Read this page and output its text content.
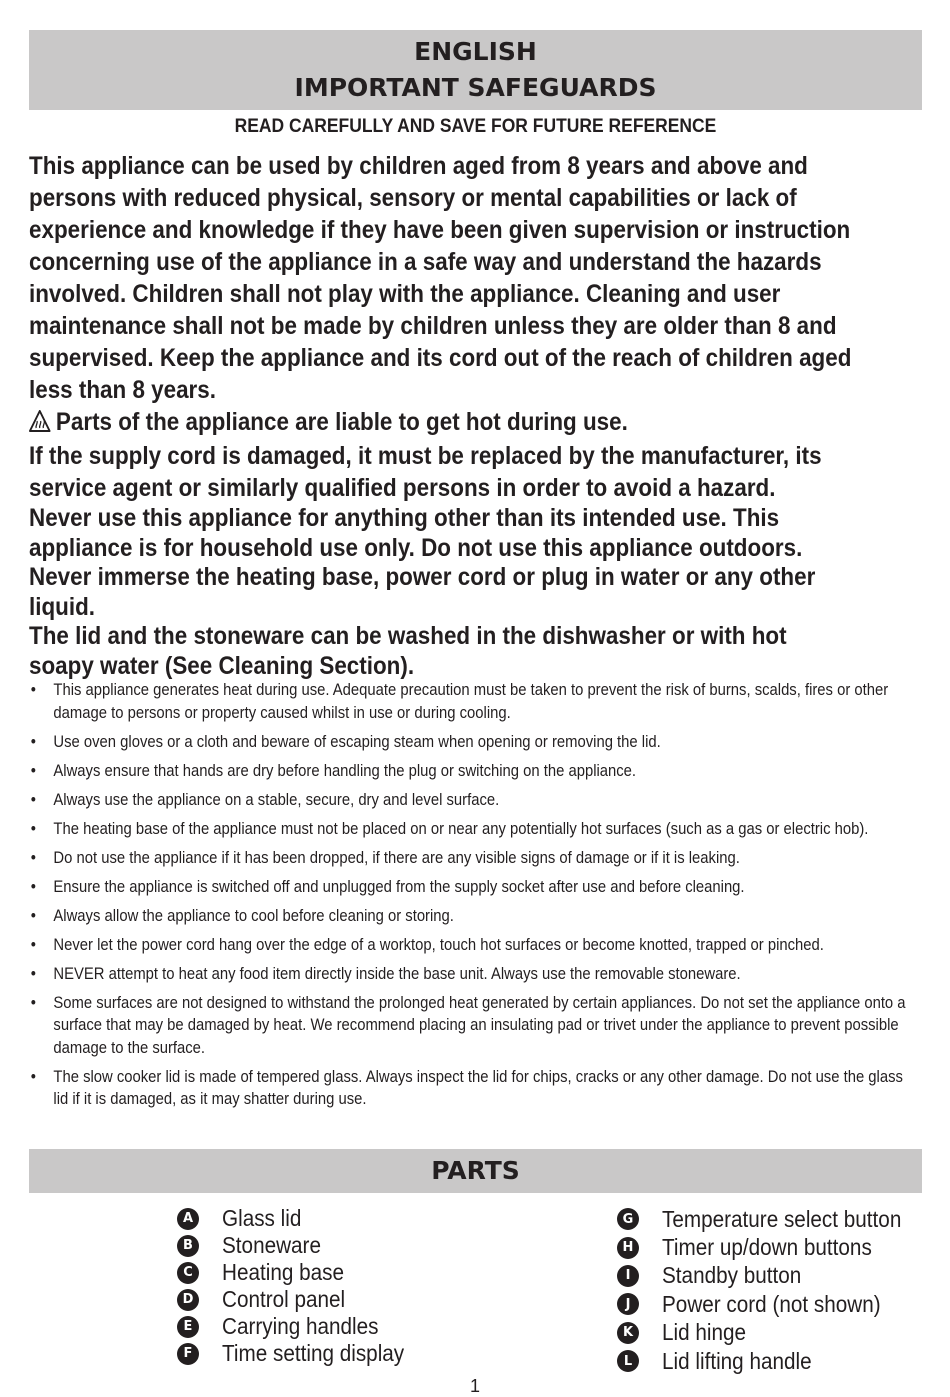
ENGLISH
IMPORTANT SAFEGUARDS
READ CAREFULLY AND SAVE FOR FUTURE REFERENCE

This appliance can be used by children aged from 8 years and above and persons with reduced physical, sensory or mental capabilities or lack of experience and knowledge if they have been given supervision or instruction concerning use of the appliance in a safe way and understand the hazards involved. Children shall not play with the appliance. Cleaning and user maintenance shall not be made by children unless they are older than 8 and supervised. Keep the appliance and its cord out of the reach of children aged less than 8 years.

Parts of the appliance are liable to get hot during use.

If the supply cord is damaged, it must be replaced by the manufacturer, its service agent or similarly qualified persons in order to avoid a hazard.

Never use this appliance for anything other than its intended use. This appliance is for household use only. Do not use this appliance outdoors.

Never immerse the heating base, power cord or plug in water or any other liquid.

The lid and the stoneware can be washed in the dishwasher or with hot soapy water (See Cleaning Section).

• This appliance generates heat during use. Adequate precaution must be taken to prevent the risk of burns, scalds, fires or other damage to persons or property caused whilst in use or during cooling.
• Use oven gloves or a cloth and beware of escaping steam when opening or removing the lid.
• Always ensure that hands are dry before handling the plug or switching on the appliance.
• Always use the appliance on a stable, secure, dry and level surface.
• The heating base of the appliance must not be placed on or near any potentially hot surfaces (such as a gas or electric hob).
• Do not use the appliance if it has been dropped, if there are any visible signs of damage or if it is leaking.
• Ensure the appliance is switched off and unplugged from the supply socket after use and before cleaning.
• Always allow the appliance to cool before cleaning or storing.
• Never let the power cord hang over the edge of a worktop, touch hot surfaces or become knotted, trapped or pinched.
• NEVER attempt to heat any food item directly inside the base unit. Always use the removable stoneware.
• Some surfaces are not designed to withstand the prolonged heat generated by certain appliances. Do not set the appliance onto a surface that may be damaged by heat. We recommend placing an insulating pad or trivet under the appliance to prevent possible damage to the surface.
• The slow cooker lid is made of tempered glass. Always inspect the lid for chips, cracks or any other damage. Do not use the glass lid if it is damaged, as it may shatter during use.
PARTS
A Glass lid
B Stoneware
C Heating base
D Control panel
E Carrying handles
F Time setting display
G Temperature select button
H Timer up/down buttons
I	Standby button
J	Power cord (not shown)
K Lid hinge
L Lid lifting handle
1
